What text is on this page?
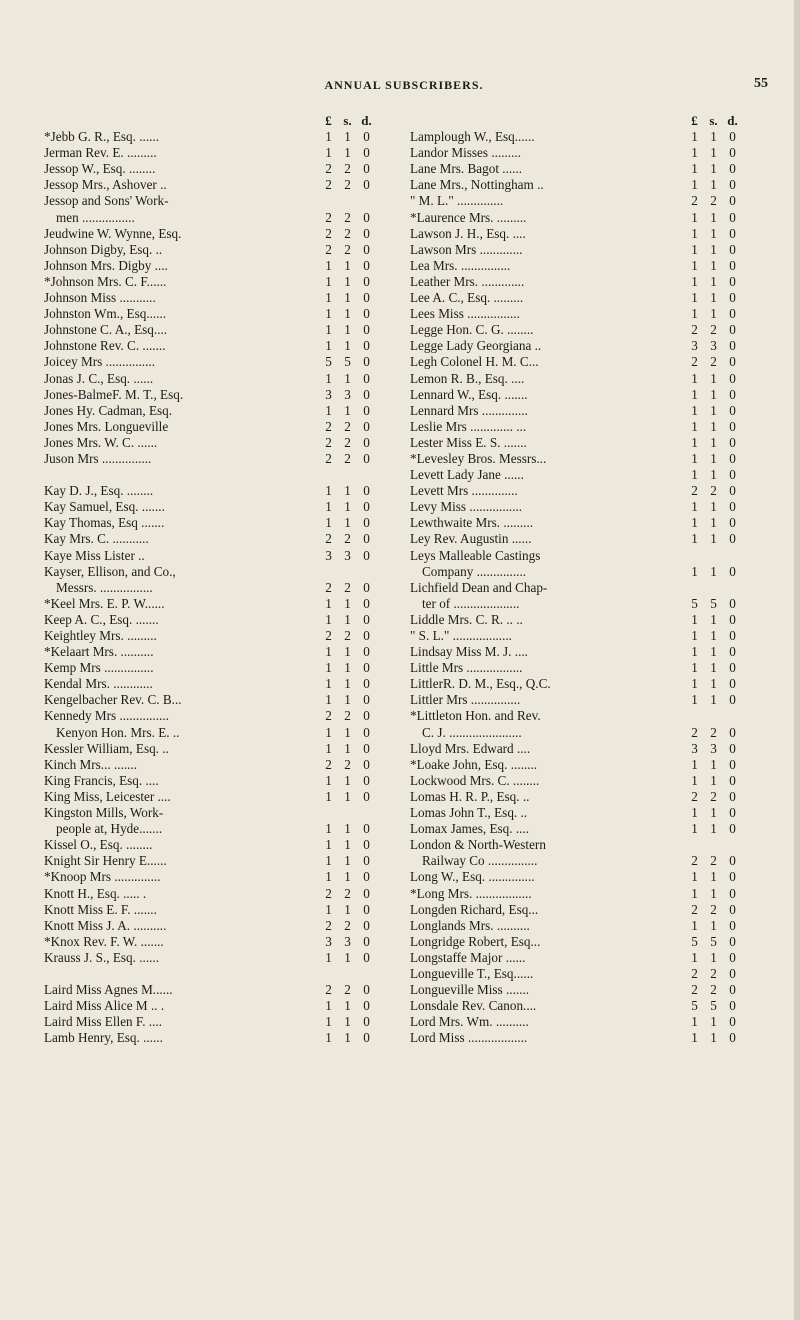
ANNUAL SUBSCRIBERS.	55
£ s. d.
*Jebb G. R., Esq. ......	1 1 0
Jerman Rev. E. .........	1 1 0
Jessop W., Esq. ........	2 2 0
Jessop Mrs., Ashover ..	2 2 0
Jessop and Sons' Work-
men ................	2 2 0
Jeudwine W. Wynne, Esq.	2 2 0
Johnson Digby, Esq. ..	2 2 0
Johnson Mrs. Digby ....	1 1 0
*Johnson Mrs. C. F......	1 1 0
Johnson Miss ...........	1 1 0
Johnston Wm., Esq......	1 1 0
Johnstone C. A., Esq....	1 1 0
Johnstone Rev. C. .......	1 1 0
Joicey Mrs ...............	5 5 0
Jonas J. C., Esq. ......	1 1 0
Jones-BalmeF. M. T., Esq.	3 3 0
Jones Hy. Cadman, Esq.	1 1 0
Jones Mrs. Longueville	2 2 0
Jones Mrs. W. C. ......	2 2 0
Juson Mrs ...............	2 2 0
Kay D. J., Esq. ........	1 1 0
Kay Samuel, Esq. .......	1 1 0
Kay Thomas, Esq .......	1 1 0
Kay Mrs. C. ...........	2 2 0
Kaye Miss Lister ..	3 3 0
Kayser, Ellison, and Co.,
Messrs. ................	2 2 0
*Keel Mrs. E. P. W......	1 1 0
Keep A. C., Esq. .......	1 1 0
Keightley Mrs. .........	2 2 0
*Kelaart Mrs. ..........	1 1 0
Kemp Mrs ...............	1 1 0
Kendal Mrs. ............	1 1 0
Kengelbacher Rev. C. B...	1 1 0
Kennedy Mrs ...............	2 2 0
Kenyon Hon. Mrs. E. ..	1 1 0
Kessler William, Esq. ..	1 1 0
Kinch Mrs... .......	2 2 0
King Francis, Esq. ....	1 1 0
King Miss, Leicester ....	1 1 0
Kingston Mills, Work-
people at, Hyde.......	1 1 0
Kissel O., Esq. ........	1 1 0
Knight Sir Henry E......	1 1 0
*Knoop Mrs ..............	1 1 0
Knott H., Esq. ..... .	2 2 0
Knott Miss E. F. .......	1 1 0
Knott Miss J. A. ..........	2 2 0
*Knox Rev. F. W. .......	3 3 0
Krauss J. S., Esq. ......	1 1 0
Laird Miss Agnes M......	2 2 0
Laird Miss Alice M .. .	1 1 0
Laird Miss Ellen F. ....	1 1 0
Lamb Henry, Esq. ......	1 1 0
£ s. d.
Lamplough W., Esq......	1 1 0
Landor Misses .........	1 1 0
Lane Mrs. Bagot ......	1 1 0
Lane Mrs., Nottingham ..	1 1 0
" M. L." ..............	2 2 0
*Laurence Mrs. .........	1 1 0
Lawson J. H., Esq. ....	1 1 0
Lawson Mrs .............	1 1 0
Lea Mrs. ...............	1 1 0
Leather Mrs. .............	1 1 0
Lee A. C., Esq. .........	1 1 0
Lees Miss ................	1 1 0
Legge Hon. C. G. ........	2 2 0
Legge Lady Georgiana ..	3 3 0
Legh Colonel H. M. C...	2 2 0
Lemon R. B., Esq. ....	1 1 0
Lennard W., Esq. .......	1 1 0
Lennard Mrs ..............	1 1 0
Leslie Mrs ............. ...	1 1 0
Lester Miss E. S. .......	1 1 0
*Levesley Bros. Messrs...	1 1 0
Levett Lady Jane ......	1 1 0
Levett Mrs ..............	2 2 0
Levy Miss ................	1 1 0
Lewthwaite Mrs. .........	1 1 0
Ley Rev. Augustin ......	1 1 0
Leys Malleable Castings
Company ...............	1 1 0
Lichfield Dean and Chap-
ter of ....................	5 5 0
Liddle Mrs. C. R. .. ..	1 1 0
" S. L." ..................	1 1 0
Lindsay Miss M. J. ....	1 1 0
Little Mrs .................	1 1 0
LittlerR. D. M., Esq., Q.C.	1 1 0
Littler Mrs ...............	1 1 0
*Littleton Hon. and Rev.
C. J. ......................	2 2 0
Lloyd Mrs. Edward ....	3 3 0
*Loake John, Esq. ........	1 1 0
Lockwood Mrs. C. ........	1 1 0
Lomas H. R. P., Esq. ..	2 2 0
Lomas John T., Esq. ..	1 1 0
Lomax James, Esq. ....	1 1 0
London & North-Western
Railway Co ...............	2 2 0
Long W., Esq. ..............	1 1 0
*Long Mrs. .................	1 1 0
Longden Richard, Esq...	2 2 0
Longlands Mrs. ..........	1 1 0
Longridge Robert, Esq...	5 5 0
Longstaffe Major ......	1 1 0
Longueville T., Esq......	2 2 0
Longueville Miss .......	2 2 0
Lonsdale Rev. Canon....	5 5 0
Lord Mrs. Wm. ..........	1 1 0
Lord Miss ..................	1 1 0
